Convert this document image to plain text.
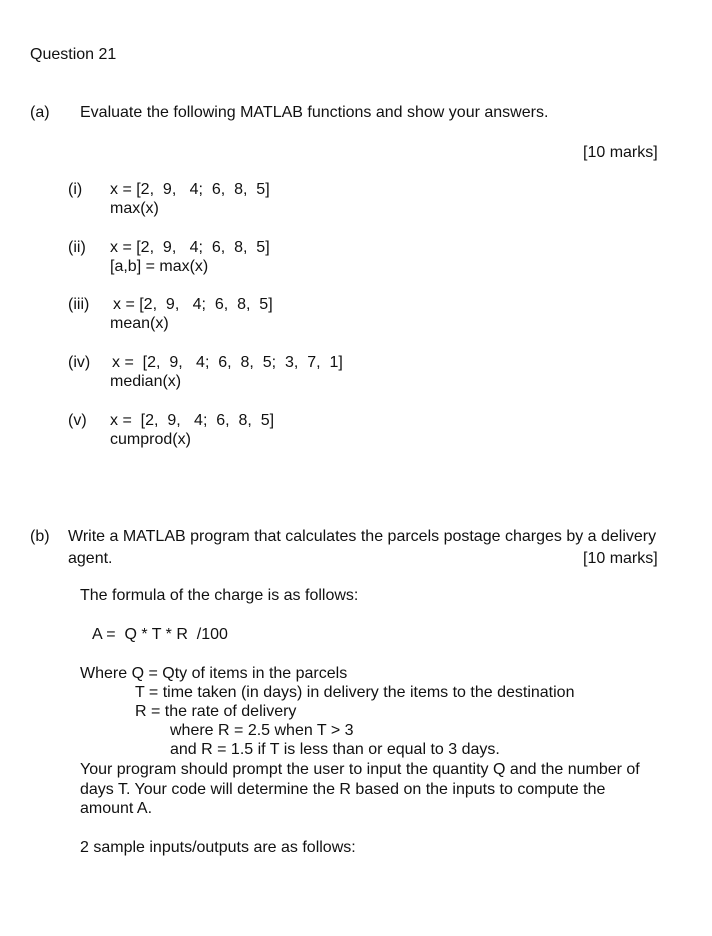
Question 21
(a) Evaluate the following MATLAB functions and show your answers.
[10 marks]
(i) x = [2,  9,   4;  6,  8,  5]
max(x)
(ii) x = [2,  9,   4;  6,  8,  5]
[a,b] = max(x)
(iii) x = [2,  9,   4;  6,  8,  5]
mean(x)
(iv) x =  [2,  9,   4;  6,  8,  5;  3,  7,  1]
median(x)
(v) x =  [2,  9,   4;  6,  8,  5]
cumprod(x)
(b) Write a MATLAB program that calculates the parcels postage charges by a delivery
agent.	[10 marks]
The formula of the charge is as follows:
A =  Q * T * R  /100
Where Q = Qty of items in the parcels
T = time taken (in days) in delivery the items to the destination
R = the rate of delivery
where R = 2.5 when T > 3
and R = 1.5 if T is less than or equal to 3 days.
Your program should prompt the user to input the quantity Q and the number of
days T. Your code will determine the R based on the inputs to compute the
amount A.
2 sample inputs/outputs are as follows:
